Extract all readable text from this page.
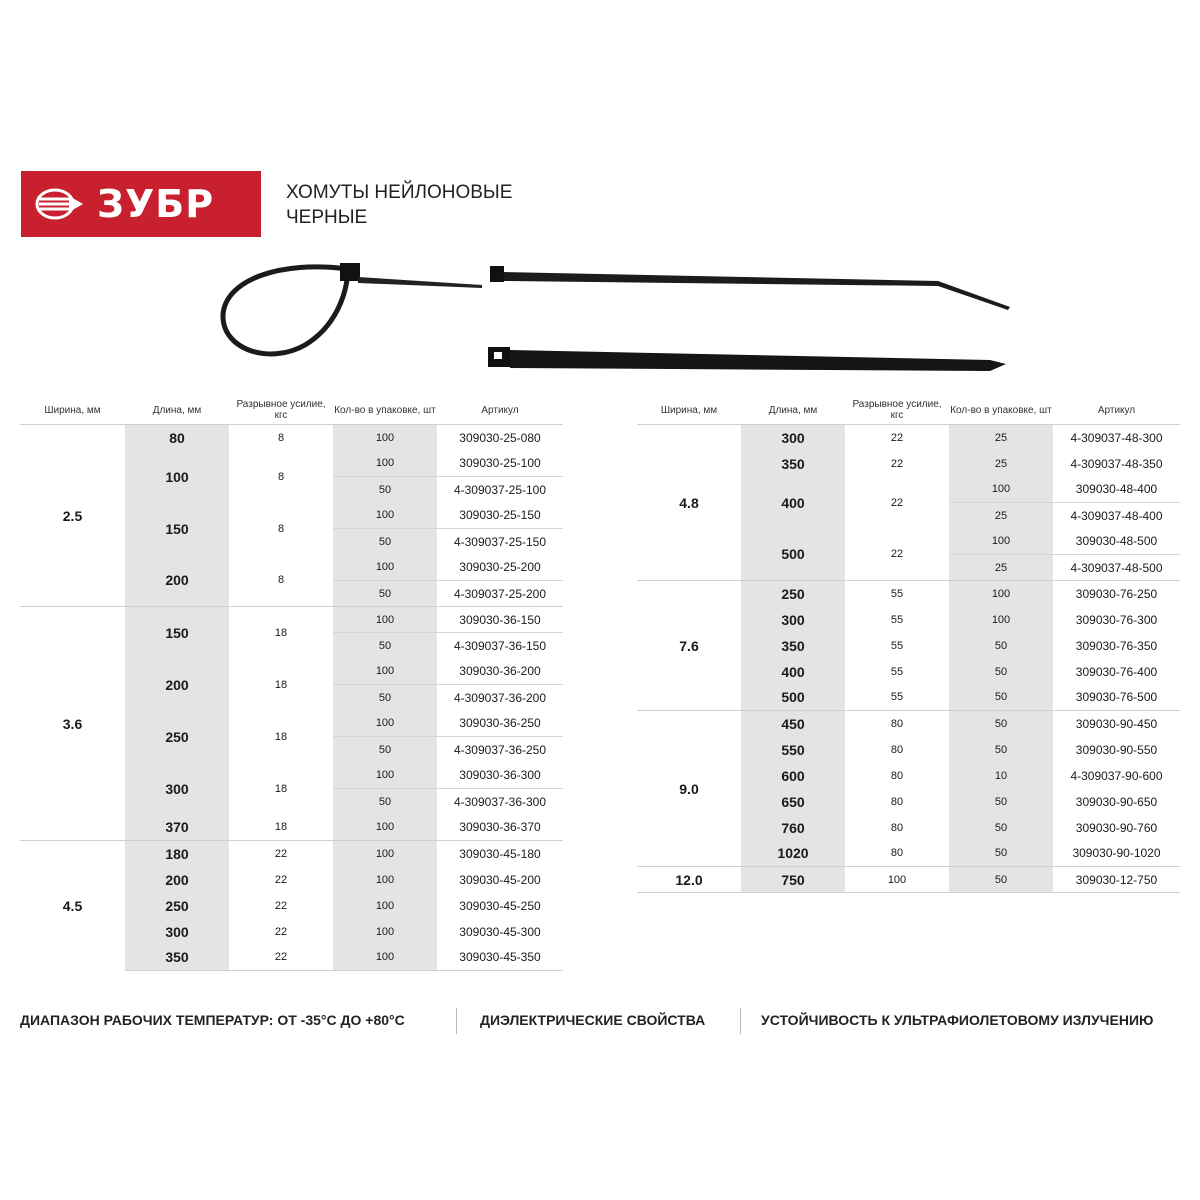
ЗУБР	ХОМУТЫ НЕЙЛОНОВЫЕ
ЧЕРНЫЕ
Ширина, мм	Длина, мм	Разрывное усилие, кгс	Кол-во в упаковке, шт	Артикул
2.5	80	8	100	309030-25-080
	100	8	100	309030-25-100
			50	4-309037-25-100
	150	8	100	309030-25-150
			50	4-309037-25-150
	200	8	100	309030-25-200
			50	4-309037-25-200
3.6	150	18	100	309030-36-150
			50	4-309037-36-150
	200	18	100	309030-36-200
			50	4-309037-36-200
	250	18	100	309030-36-250
			50	4-309037-36-250
	300	18	100	309030-36-300
			50	4-309037-36-300
	370	18	100	309030-36-370
4.5	180	22	100	309030-45-180
	200	22	100	309030-45-200
	250	22	100	309030-45-250
	300	22	100	309030-45-300
	350	22	100	309030-45-350
Ширина, мм	Длина, мм	Разрывное усилие, кгс	Кол-во в упаковке, шт	Артикул
4.8	300	22	25	4-309037-48-300
	350	22	25	4-309037-48-350
	400	22	100	309030-48-400
			25	4-309037-48-400
	500	22	100	309030-48-500
			25	4-309037-48-500
7.6	250	55	100	309030-76-250
	300	55	100	309030-76-300
	350	55	50	309030-76-350
	400	55	50	309030-76-400
	500	55	50	309030-76-500
9.0	450	80	50	309030-90-450
	550	80	50	309030-90-550
	600	80	10	4-309037-90-600
	650	80	50	309030-90-650
	760	80	50	309030-90-760
	1020	80	50	309030-90-1020
12.0	750	100	50	309030-12-750
ДИАПАЗОН РАБОЧИХ ТЕМПЕРАТУР: ОТ -35°С ДО +80°С	ДИЭЛЕКТРИЧЕСКИЕ СВОЙСТВА	УСТОЙЧИВОСТЬ К УЛЬТРАФИОЛЕТОВОМУ ИЗЛУЧЕНИЮ
